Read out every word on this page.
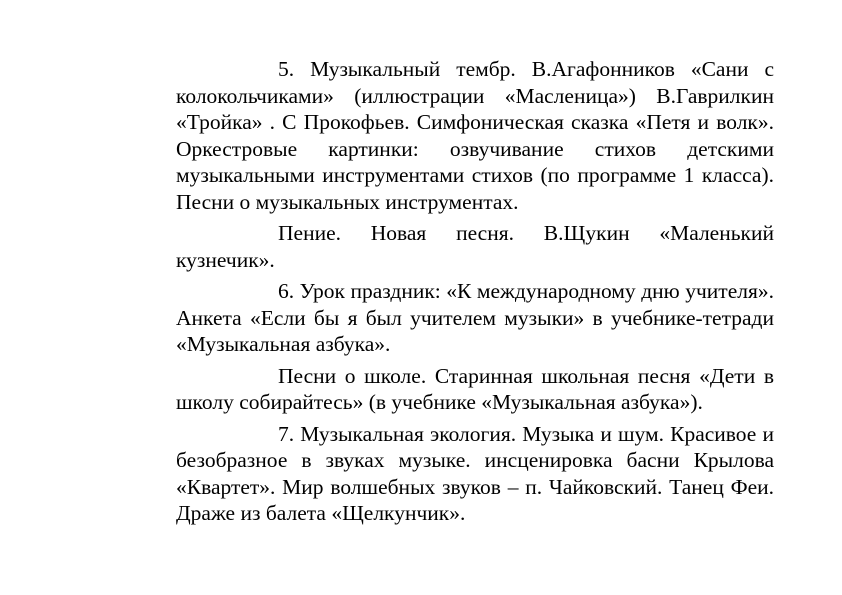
5. Музыкальный тембр. В.Агафонников «Сани с колокольчиками» (иллюстрации «Масленица») В.Гаврилкин «Тройка» . С Прокофьев. Симфоническая сказка «Петя и волк». Оркестровые картинки: озвучивание стихов детскими музыкальными инструментами стихов (по программе 1 класса). Песни о музыкальных инструментах.

Пение. Новая песня. В.Щукин «Маленький кузнечик».

6. Урок праздник: «К международному дню учителя». Анкета «Если бы я был учителем музыки» в учебнике-тетради «Музыкальная азбука».

Песни о школе. Старинная школьная песня «Дети в школу собирайтесь» (в учебнике «Музыкальная азбука»).

7. Музыкальная экология. Музыка и шум. Красивое и безобразное в звуках музыке. инсценировка басни Крылова «Квартет». Мир волшебных звуков – п. Чайковский. Танец Феи. Драже из балета «Щелкунчик».
